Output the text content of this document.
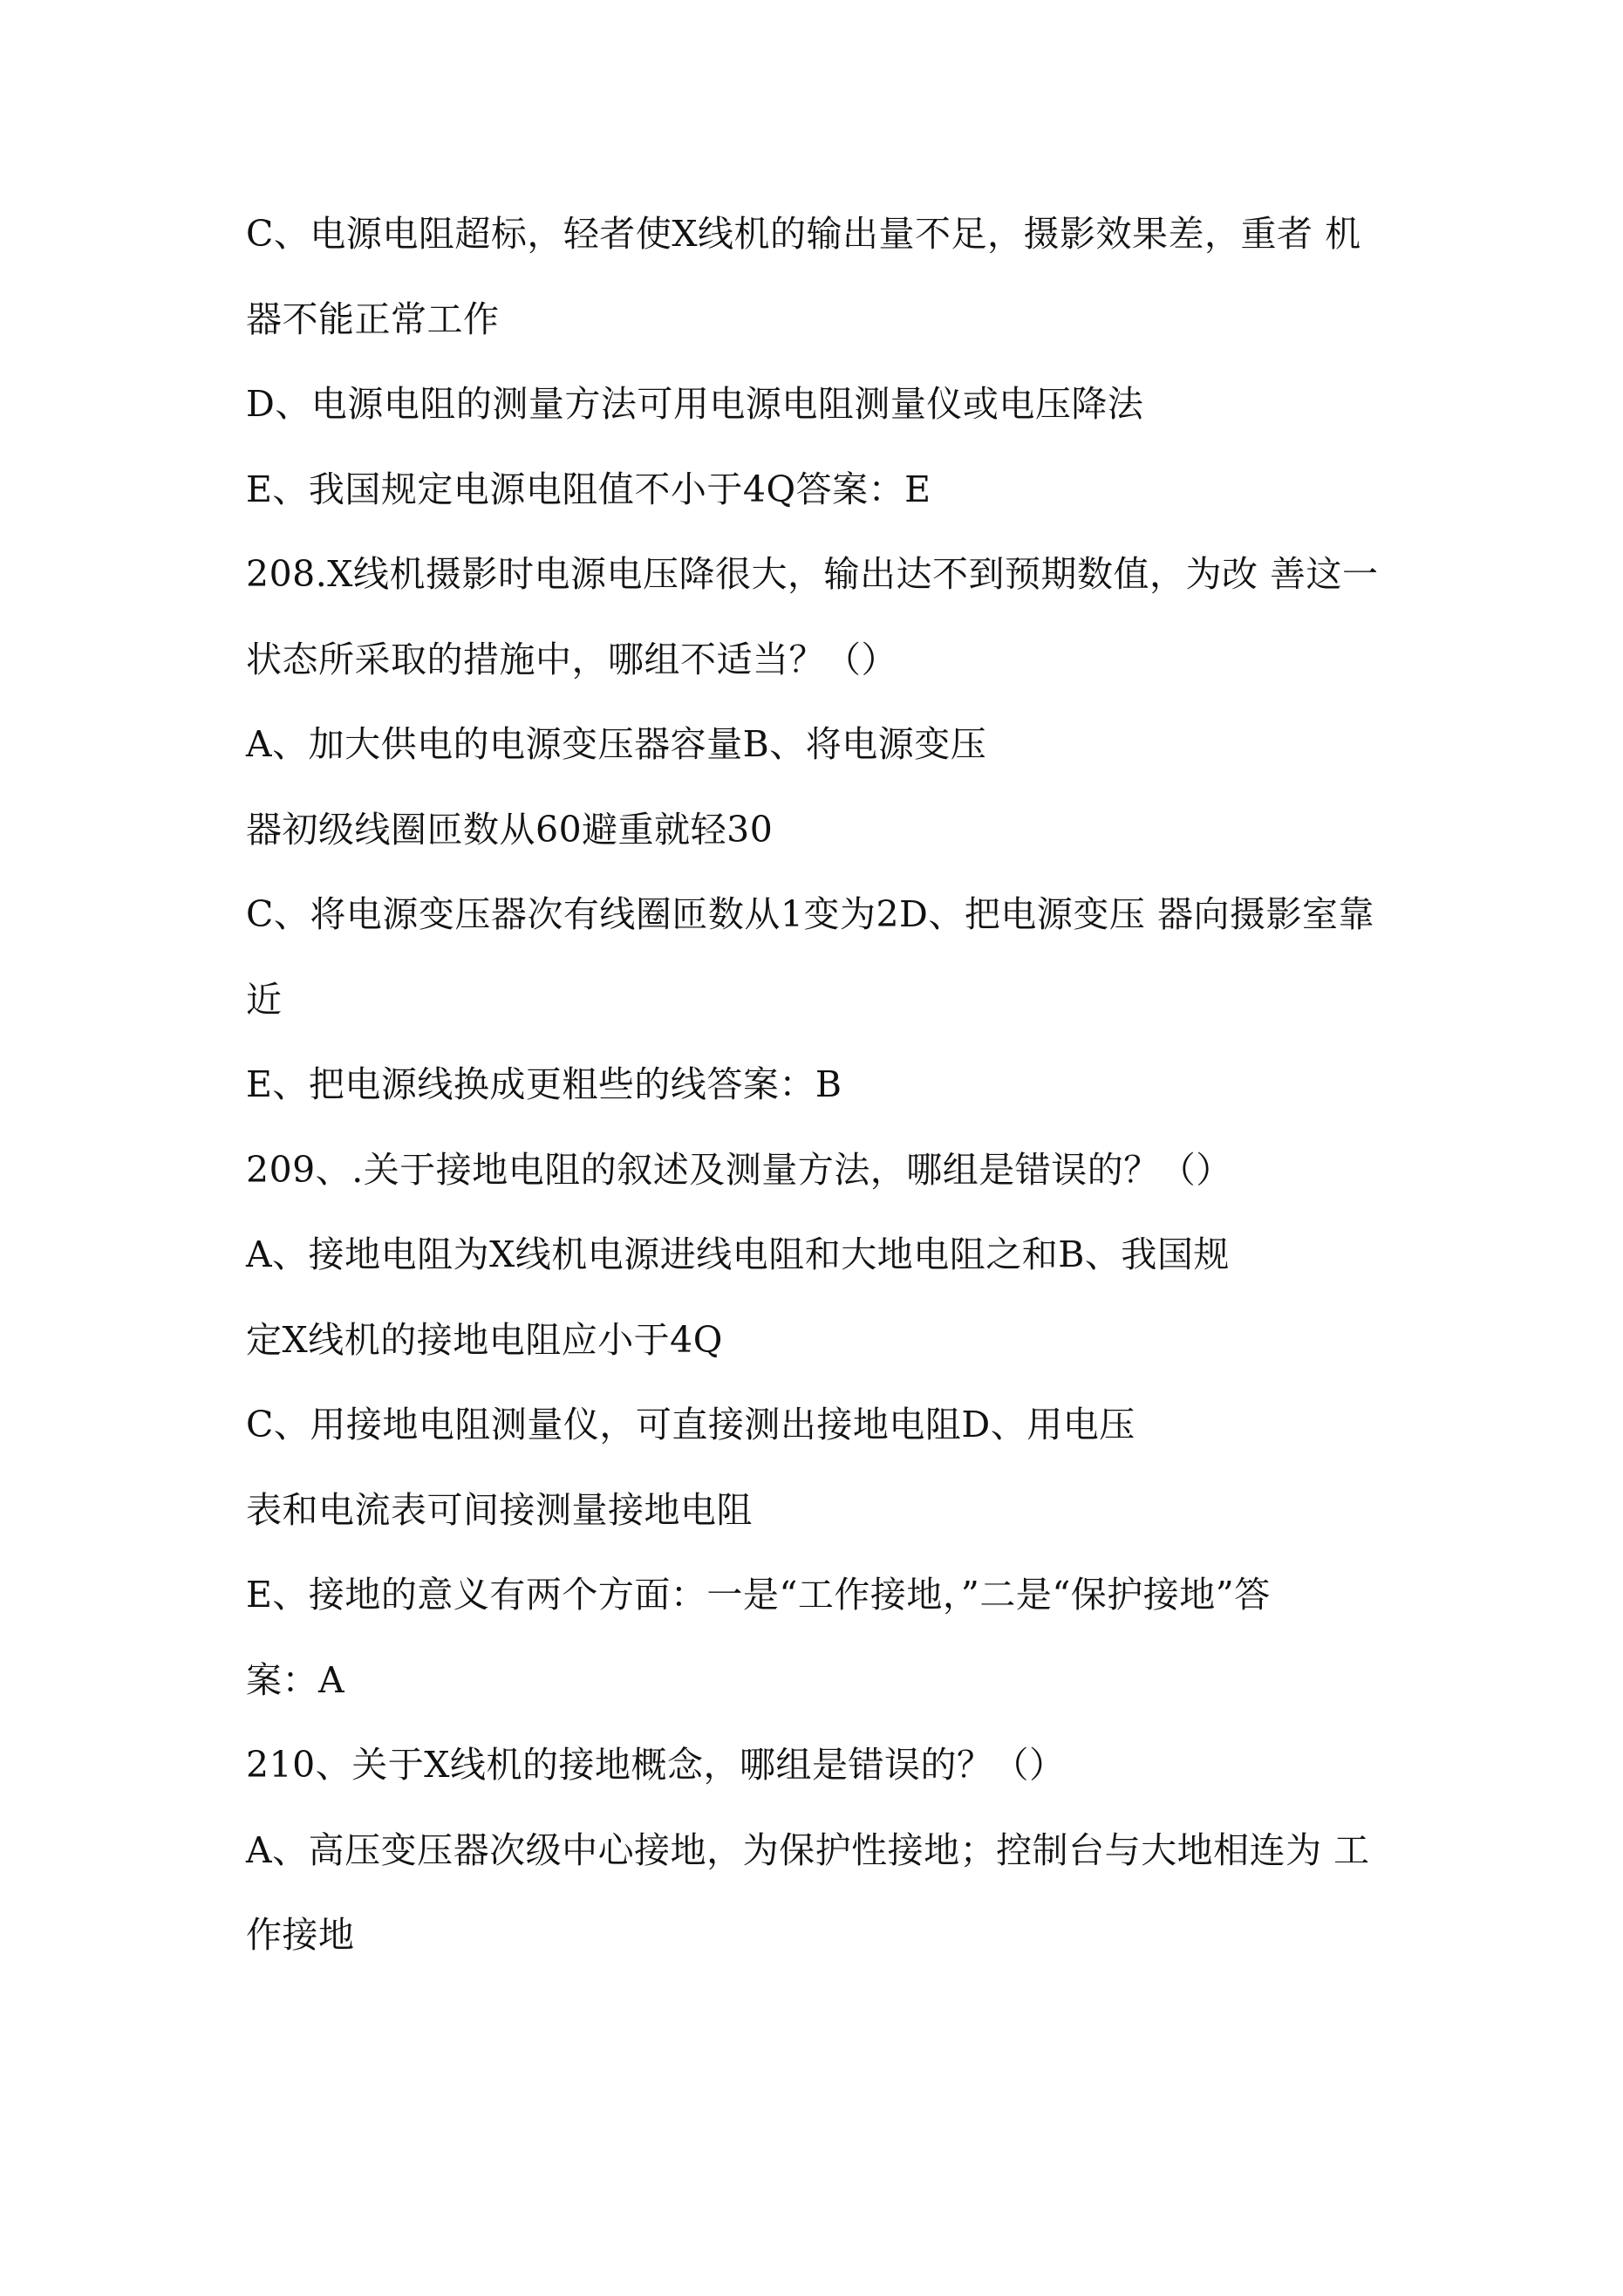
C、电源电阻超标，轻者使X线机的输出量不足，摄影效果差，重者 机
器不能正常工作
D、电源电阻的测量方法可用电源电阻测量仪或电压降法
E、我国规定电源电阻值不小于4Q答案：E
208.X线机摄影时电源电压降很大，输出达不到预期数值，为改 善这一
状态所采取的措施中，哪组不适当？（）
A、加大供电的电源变压器容量B、将电源变压
器初级线圈匝数从60避重就轻30
C、将电源变压器次有线圈匝数从1变为2D、把电源变压 器向摄影室靠
近
E、把电源线换成更粗些的线答案：B
209、.关于接地电阻的叙述及测量方法，哪组是错误的？（）
A、接地电阻为X线机电源进线电阻和大地电阻之和B、我国规
定X线机的接地电阻应小于4Q
C、用接地电阻测量仪，可直接测出接地电阻D、用电压
表和电流表可间接测量接地电阻
E、接地的意义有两个方面：一是“工作接地，”二是“保护接地”答
案：A
210、关于X线机的接地概念，哪组是错误的？（）
A、高压变压器次级中心接地，为保护性接地；控制台与大地相连为 工
作接地
